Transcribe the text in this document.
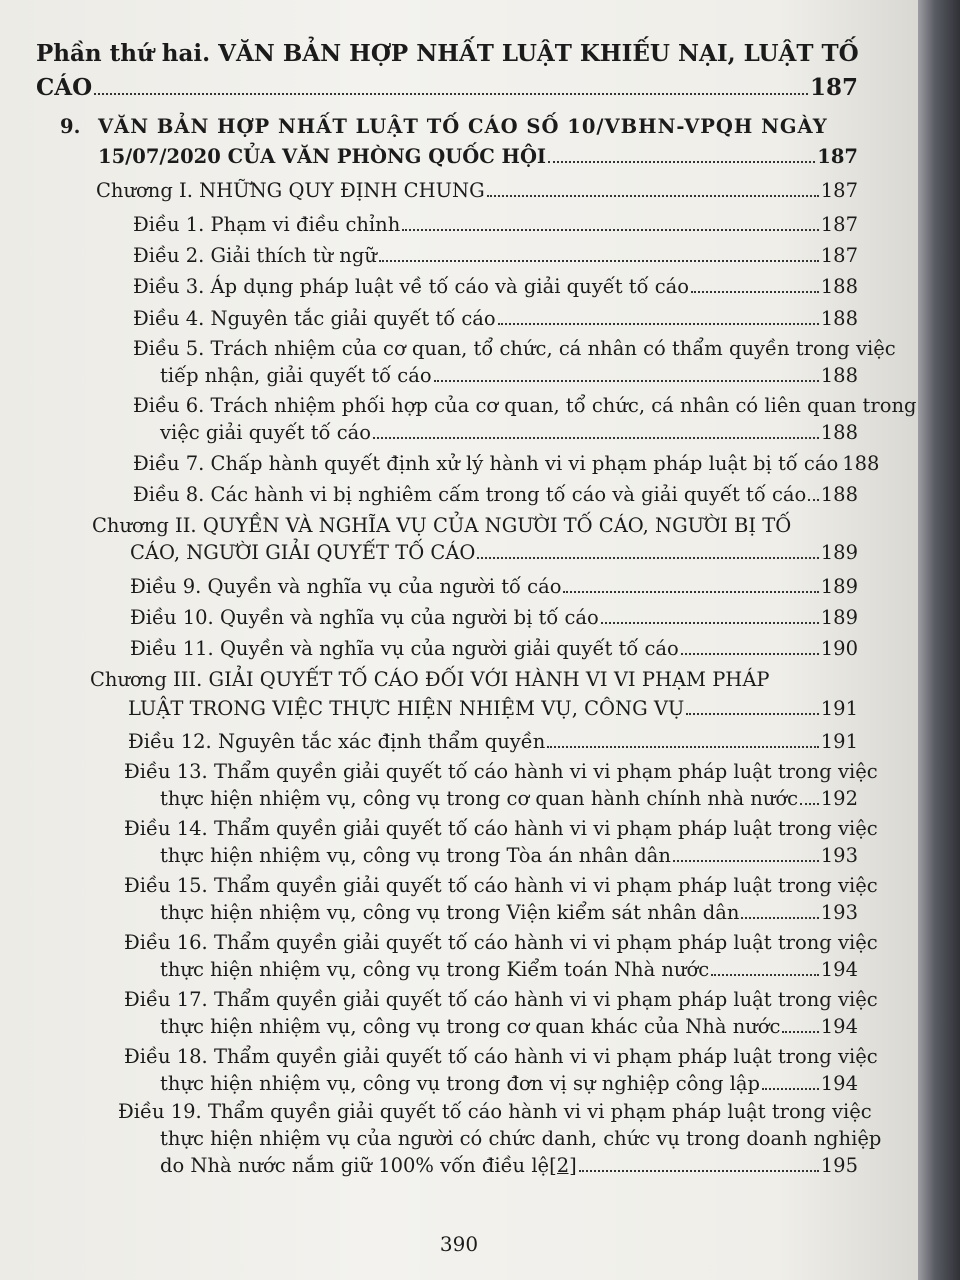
Phần thứ hai. VĂN BẢN HỢP NHẤT LUẬT KHIẾU NẠI, LUẬT TỐ
CÁO	187
9. VĂN BẢN HỢP NHẤT LUẬT TỐ CÁO SỐ 10/VBHN-VPQH NGÀY
15/07/2020 CỦA VĂN PHÒNG QUỐC HỘI	187
Chương I. NHỮNG QUY ĐỊNH CHUNG	187
Điều 1. Phạm vi điều chỉnh	187
Điều 2. Giải thích từ ngữ	187
Điều 3. Áp dụng pháp luật về tố cáo và giải quyết tố cáo	188
Điều 4. Nguyên tắc giải quyết tố cáo	188
Điều 5. Trách nhiệm của cơ quan, tổ chức, cá nhân có thẩm quyền trong việc
tiếp nhận, giải quyết tố cáo	188
Điều 6. Trách nhiệm phối hợp của cơ quan, tổ chức, cá nhân có liên quan trong
việc giải quyết tố cáo	188
Điều 7. Chấp hành quyết định xử lý hành vi vi phạm pháp luật bị tố cáo 188
Điều 8. Các hành vi bị nghiêm cấm trong tố cáo và giải quyết tố cáo 188
Chương II. QUYỀN VÀ NGHĨA VỤ CỦA NGƯỜI TỐ CÁO, NGƯỜI BỊ TỐ
CÁO, NGƯỜI GIẢI QUYẾT TỐ CÁO	189
Điều 9. Quyền và nghĩa vụ của người tố cáo	189
Điều 10. Quyền và nghĩa vụ của người bị tố cáo	189
Điều 11. Quyền và nghĩa vụ của người giải quyết tố cáo	190
Chương III. GIẢI QUYẾT TỐ CÁO ĐỐI VỚI HÀNH VI VI PHẠM PHÁP
LUẬT TRONG VIỆC THỰC HIỆN NHIỆM VỤ, CÔNG VỤ	191
Điều 12. Nguyên tắc xác định thẩm quyền	191
Điều 13. Thẩm quyền giải quyết tố cáo hành vi vi phạm pháp luật trong việc
thực hiện nhiệm vụ, công vụ trong cơ quan hành chính nhà nước 192
Điều 14. Thẩm quyền giải quyết tố cáo hành vi vi phạm pháp luật trong việc
thực hiện nhiệm vụ, công vụ trong Tòa án nhân dân	193
Điều 15. Thẩm quyền giải quyết tố cáo hành vi vi phạm pháp luật trong việc
thực hiện nhiệm vụ, công vụ trong Viện kiểm sát nhân dân	193
Điều 16. Thẩm quyền giải quyết tố cáo hành vi vi phạm pháp luật trong việc
thực hiện nhiệm vụ, công vụ trong Kiểm toán Nhà nước	194
Điều 17. Thẩm quyền giải quyết tố cáo hành vi vi phạm pháp luật trong việc
thực hiện nhiệm vụ, công vụ trong cơ quan khác của Nhà nước 194
Điều 18. Thẩm quyền giải quyết tố cáo hành vi vi phạm pháp luật trong việc
thực hiện nhiệm vụ, công vụ trong đơn vị sự nghiệp công lập	194
Điều 19. Thẩm quyền giải quyết tố cáo hành vi vi phạm pháp luật trong việc
thực hiện nhiệm vụ của người có chức danh, chức vụ trong doanh nghiệp
do Nhà nước nắm giữ 100% vốn điều lệ[2]	195
390
